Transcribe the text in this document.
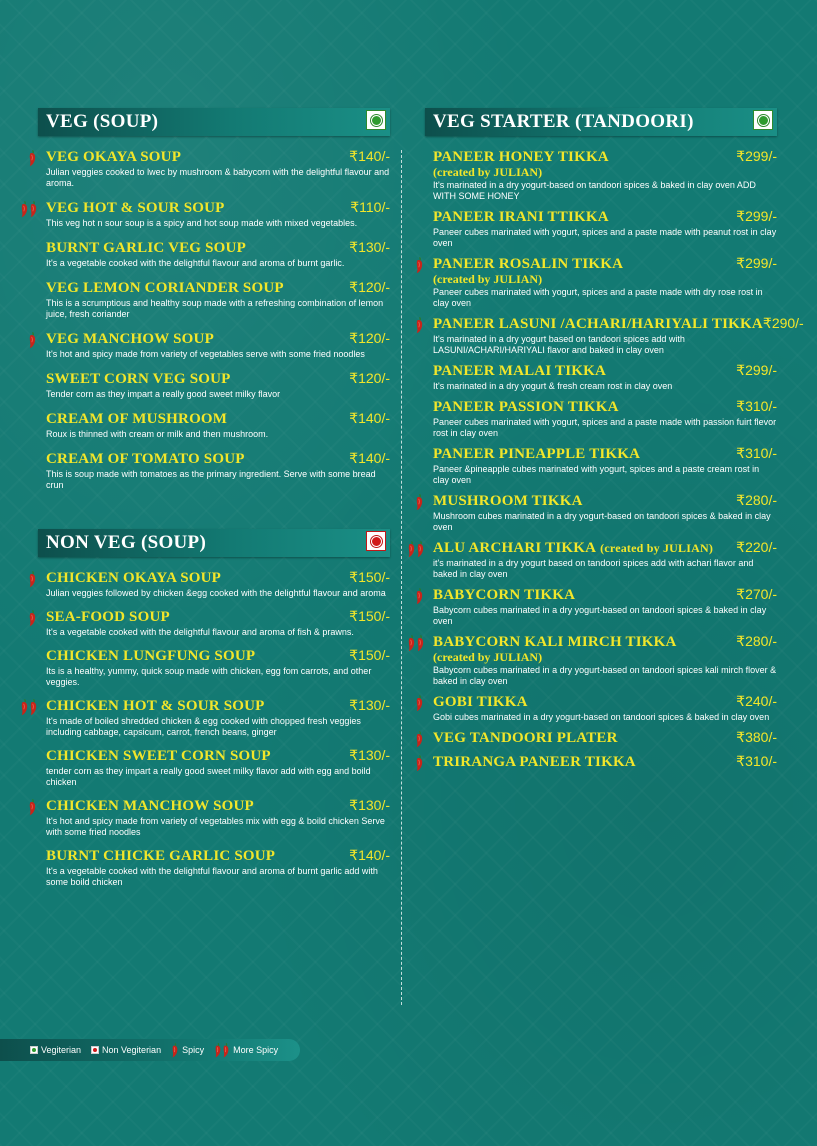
VEG (SOUP)
VEG OKAYA SOUP	₹140/-
Julian veggies cooked to lwec by mushroom & babycorn with the delightful flavour and aroma.
VEG HOT & SOUR SOUP	₹110/-
This veg hot n sour soup is a spicy and hot soup made with mixed vegetables.
BURNT GARLIC VEG SOUP	₹130/-
It's a vegetable cooked with the delightful flavour and aroma of burnt garlic.
VEG LEMON CORIANDER SOUP	₹120/-
This is a scrumptious and healthy soup made with a refreshing combination of lemon juice, fresh coriander
VEG MANCHOW SOUP	₹120/-
It's hot and spicy made from variety of vegetables serve with some fried noodles
SWEET CORN VEG SOUP	₹120/-
Tender corn as they impart a really good sweet milky flavor
CREAM OF MUSHROOM	₹140/-
Roux is thinned with cream or milk and then mushroom.
CREAM OF TOMATO SOUP	₹140/-
This is soup made with tomatoes as the primary ingredient. Serve with some bread crun
NON VEG (SOUP)
CHICKEN OKAYA SOUP	₹150/-
Julian veggies followed by chicken &egg cooked with the delightful flavour and aroma
SEA-FOOD SOUP	₹150/-
It's a vegetable cooked with the delightful flavour and aroma of fish & prawns.
CHICKEN LUNGFUNG SOUP	₹150/-
Its is a healthy, yummy, quick soup made with chicken, egg fom carrots, and other veggies.
CHICKEN HOT & SOUR SOUP	₹130/-
It's made of boiled shredded chicken & egg cooked with chopped fresh veggies including cabbage, capsicum, carrot, french beans, ginger
CHICKEN SWEET CORN SOUP	₹130/-
tender corn as they impart a really good sweet milky flavor add with egg and boild chicken
CHICKEN MANCHOW SOUP	₹130/-
It's hot and spicy made from variety of vegetables mix with egg & boild chicken Serve with some fried noodles
BURNT CHICKE GARLIC SOUP	₹140/-
It's a vegetable cooked with the delightful flavour and aroma of burnt garlic add with some boild chicken
VEG STARTER (TANDOORI)
PANEER HONEY TIKKA	₹299/-
(created by JULIAN)
It's marinated in a dry yogurt-based on tandoori spices & baked in clay oven ADD WITH SOME HONEY
PANEER IRANI TTIKKA	₹299/-
Paneer cubes marinated with yogurt, spices and a paste made with peanut rost in clay oven
PANEER ROSALIN TIKKA	₹299/-
(created by JULIAN)
Paneer cubes marinated with yogurt, spices and a paste made with dry rose rost in clay oven
PANEER LASUNI /ACHARI/HARIYALI TIKKA ₹290/-
It's marinated in a dry yogurt based on tandoori spices add with LASUNI/ACHARI/HARIYALI flavor and baked in clay oven
PANEER MALAI TIKKA	₹299/-
It's marinated in a dry yogurt & fresh cream rost in clay oven
PANEER PASSION TIKKA	₹310/-
Paneer cubes marinated with yogurt, spices and a paste made with passion fuirt flevor rost in clay oven
PANEER PINEAPPLE TIKKA	₹310/-
Paneer &pineapple cubes marinated with yogurt, spices and a paste cream rost in clay oven
MUSHROOM TIKKA	₹280/-
Mushroom cubes marinated in a dry yogurt-based on tandoori spices & baked in clay oven
ALU ARCHARI TIKKA (created by JULIAN) ₹220/-
it's marinated in a dry yogurt based on tandoori spices add with achari flavor and baked in clay oven
BABYCORN TIKKA	₹270/-
Babycorn cubes marinated in a dry yogurt-based on tandoori spices & baked in clay oven
BABYCORN KALI MIRCH TIKKA	₹280/-
(created by JULIAN)
Babycorn cubes marinated in a dry yogurt-based on tandoori spices kali mirch flover & baked in clay oven
GOBI TIKKA	₹240/-
Gobi cubes marinated in a dry yogurt-based on tandoori spices & baked in clay oven
VEG TANDOORI PLATER	₹380/-
TRIRANGA PANEER TIKKA	₹310/-
Vegiterian Non Vegiterian Spicy	More Spicy
